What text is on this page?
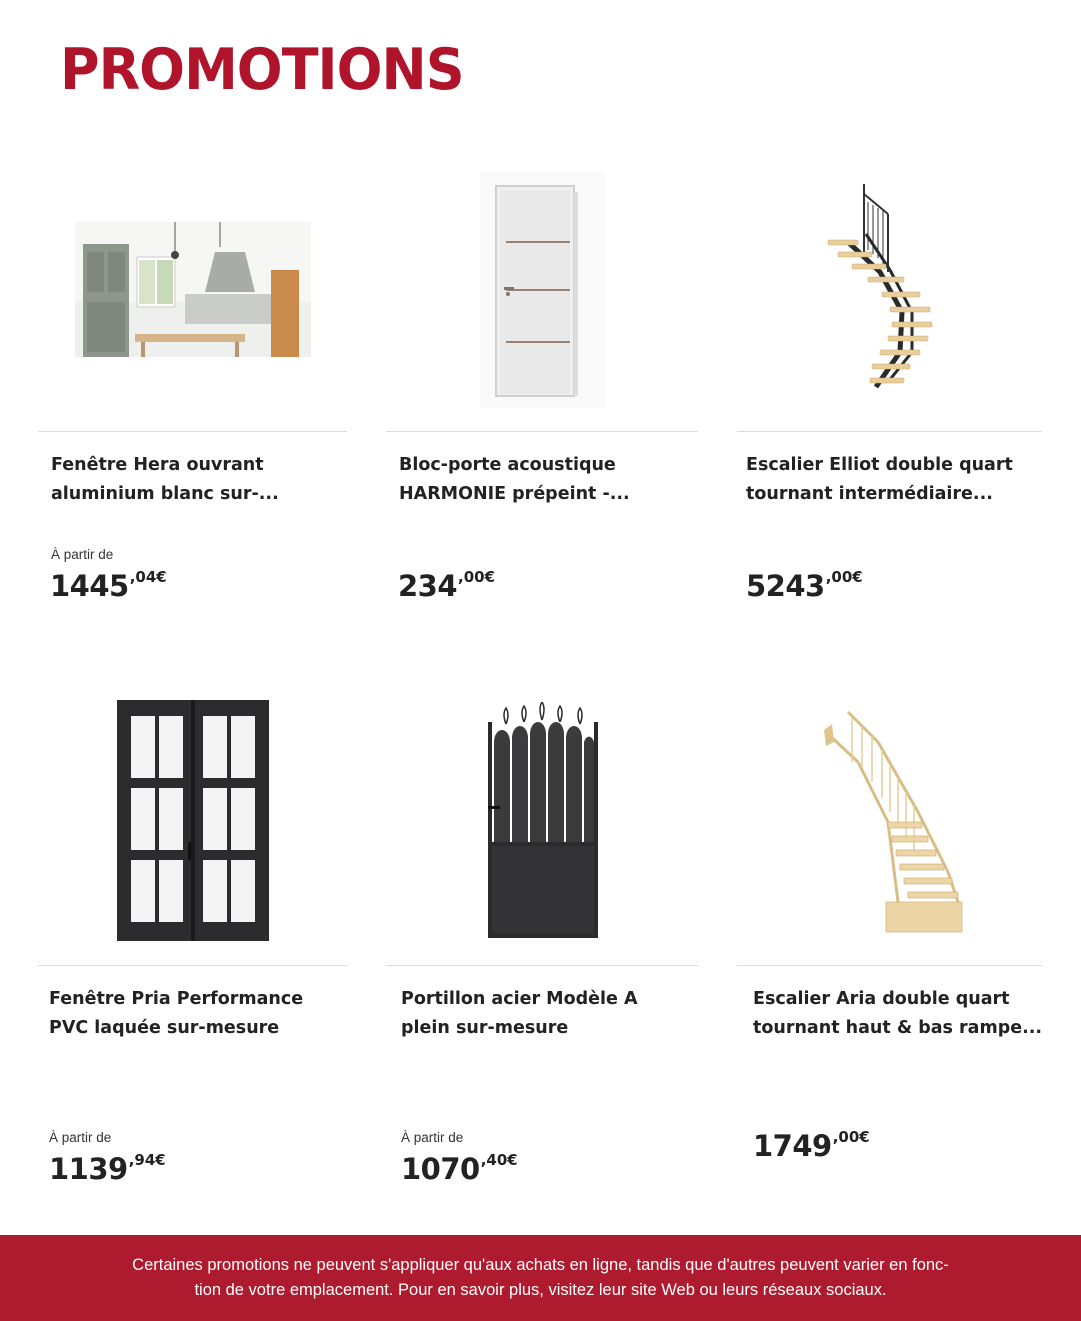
PROMOTIONS
Fenêtre Hera ouvrant
aluminium blanc sur-...
À partir de
1445,04€
Bloc-porte acoustique
HARMONIE prépeint -...
234,00€
Escalier Elliot double quart
tournant intermédiaire...
5243,00€
Fenêtre Pria Performance
PVC laquée sur-mesure
À partir de
1139,94€
Portillon acier Modèle A
plein sur-mesure
À partir de
1070,40€
Escalier Aria double quart
tournant haut & bas rampe...
1749,00€
Certaines promotions ne peuvent s'appliquer qu'aux achats en ligne, tandis que d'autres peuvent varier en fonc-
tion de votre emplacement. Pour en savoir plus, visitez leur site Web ou leurs réseaux sociaux.
